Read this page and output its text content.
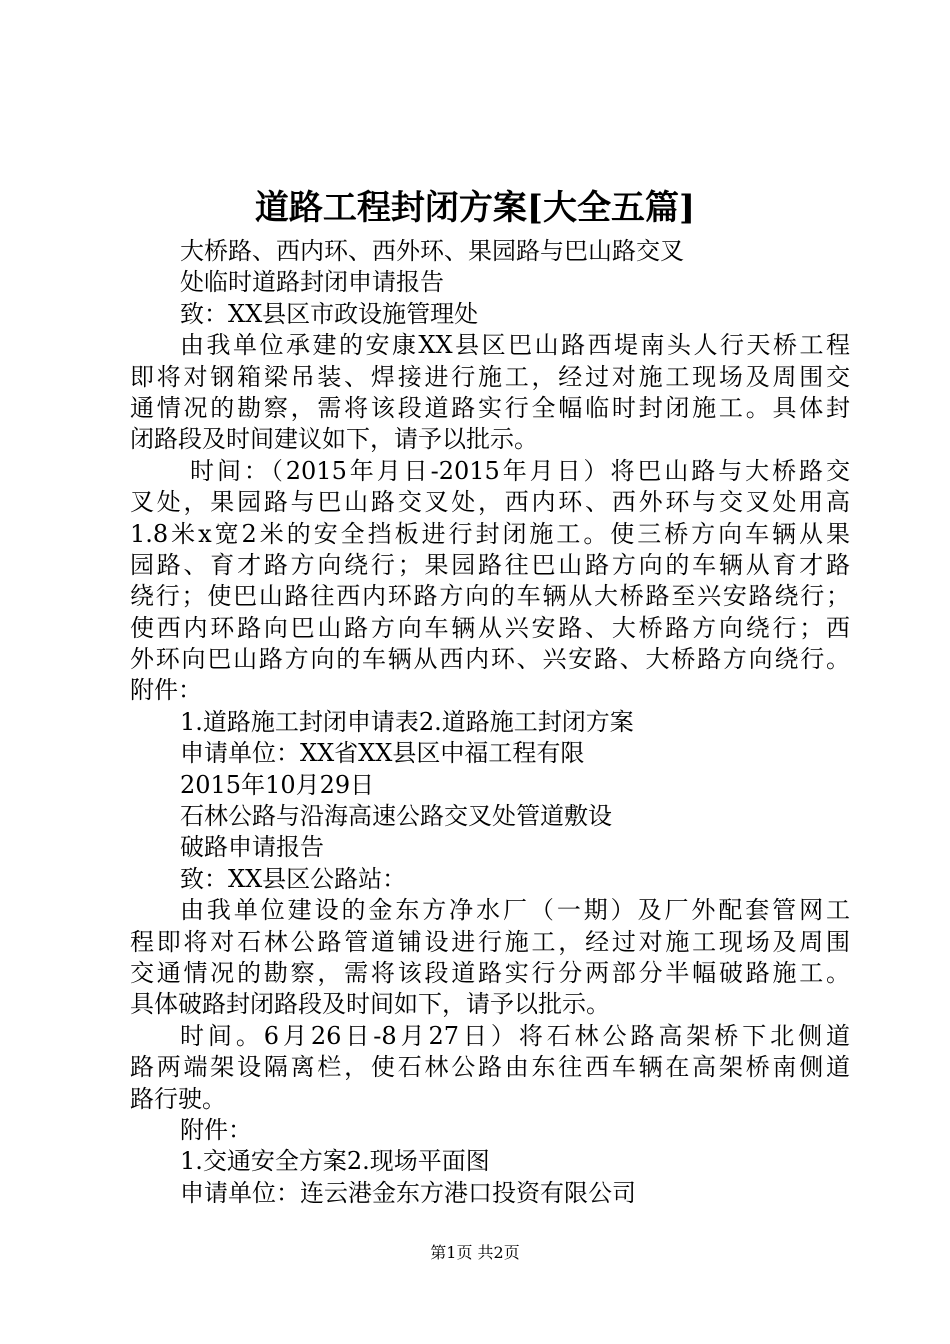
道路工程封闭方案[大全五篇]
大桥路、西内环、西外环、果园路与巴山路交叉
处临时道路封闭申请报告
致：XX县区市政设施管理处
由我单位承建的安康XX县区巴山路西堤南头人行天桥工程
即将对钢箱梁吊装、焊接进行施工，经过对施工现场及周围交
通情况的勘察，需将该段道路实行全幅临时封闭施工。具体封
闭路段及时间建议如下，请予以批示。
时间：（2015年月日-2015年月日）将巴山路与大桥路交
叉处，果园路与巴山路交叉处，西内环、西外环与交叉处用高
1.8米x宽2米的安全挡板进行封闭施工。使三桥方向车辆从果
园路、育才路方向绕行；果园路往巴山路方向的车辆从育才路
绕行；使巴山路往西内环路方向的车辆从大桥路至兴安路绕行；
使西内环路向巴山路方向车辆从兴安路、大桥路方向绕行；西
外环向巴山路方向的车辆从西内环、兴安路、大桥路方向绕行。
附件：
1.道路施工封闭申请表2.道路施工封闭方案
申请单位：XX省XX县区中福工程有限
2015年10月29日
石林公路与沿海高速公路交叉处管道敷设
破路申请报告
致：XX县区公路站：
由我单位建设的金东方净水厂（一期）及厂外配套管网工
程即将对石林公路管道铺设进行施工，经过对施工现场及周围
交通情况的勘察，需将该段道路实行分两部分半幅破路施工。
具体破路封闭路段及时间如下，请予以批示。
时间。6月26日-8月27日）将石林公路高架桥下北侧道
路两端架设隔离栏，使石林公路由东往西车辆在高架桥南侧道
路行驶。
附件：
1.交通安全方案2.现场平面图
申请单位：连云港金东方港口投资有限公司
第1页 共2页
